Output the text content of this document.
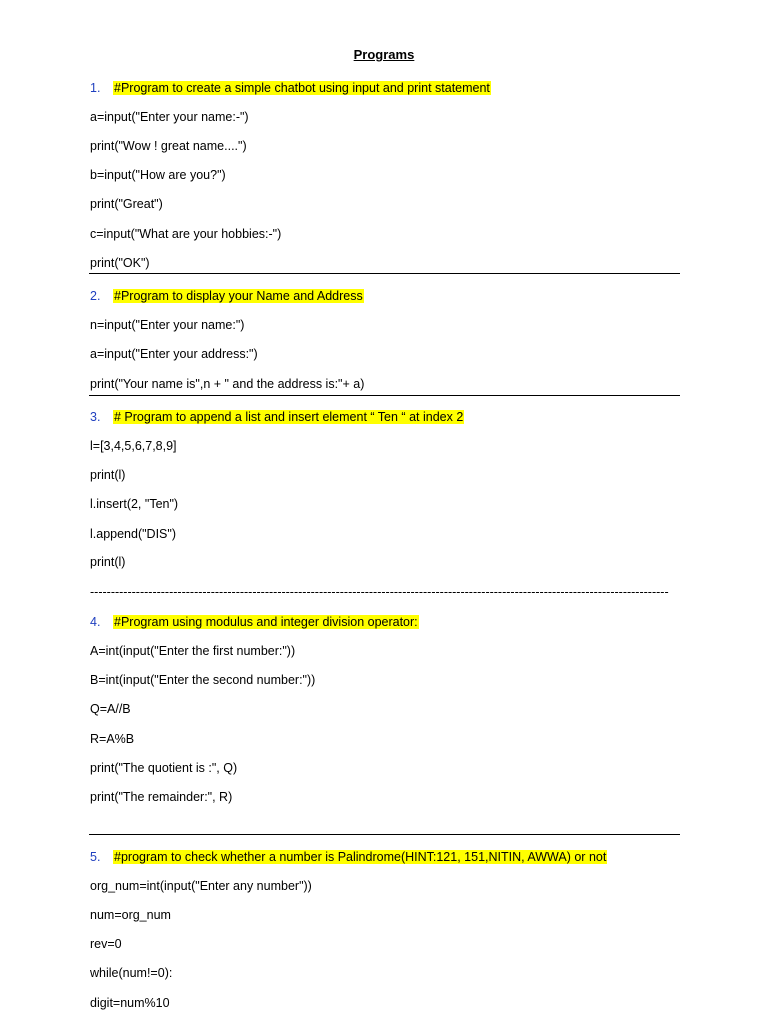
Programs
1. #Program to create a simple chatbot using input and print statement
a=input("Enter your name:-")
print("Wow ! great name....")
b=input("How are you?")
print("Great")
c=input("What are your hobbies:-")
print("OK")
2. #Program to display your Name and Address
n=input("Enter your name:")
a=input("Enter your address:")
print("Your name is",n + " and the address is:"+ a)
3. # Program to append a list and insert element “ Ten “ at index 2
l=[3,4,5,6,7,8,9]
print(l)
l.insert(2, "Ten")
l.append("DIS")
print(l)
-------------------------------------------------------------------------------------------------------------------------------------------
4. #Program using modulus and integer division operator:
A=int(input("Enter the first number:"))
B=int(input("Enter the second number:"))
Q=A//B
R=A%B
print("The quotient is :", Q)
print("The remainder:", R)
5. #program to check whether a number is Palindrome(HINT:121, 151,NITIN, AWWA) or not
org_num=int(input("Enter any number"))
num=org_num
rev=0
while(num!=0):
digit=num%10
